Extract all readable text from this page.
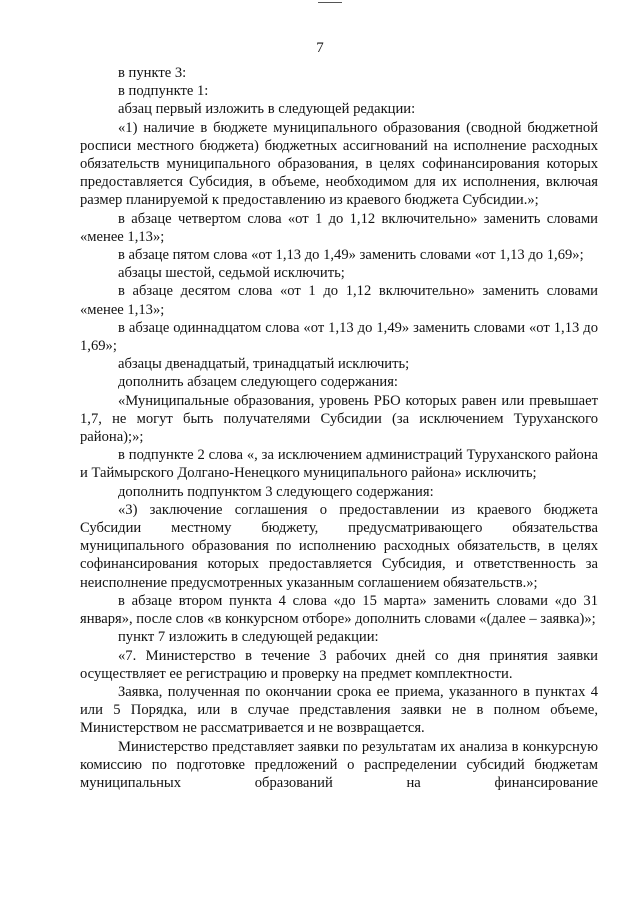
7

в пункте 3:

в подпункте 1:

абзац первый изложить в следующей редакции:

«1) наличие в бюджете муниципального образования (сводной бюджетной росписи местного бюджета) бюджетных ассигнований на исполнение расходных обязательств муниципального образования, в целях софинансирования которых предоставляется Субсидия, в объеме, необходимом для их исполнения, включая размер планируемой к предоставлению из краевого бюджета Субсидии.»;

в абзаце четвертом слова «от 1 до 1,12 включительно» заменить словами «менее 1,13»;

в абзаце пятом слова «от 1,13 до 1,49» заменить словами «от 1,13 до 1,69»;

абзацы шестой, седьмой исключить;

в абзаце десятом слова «от 1 до 1,12 включительно» заменить словами «менее 1,13»;

в абзаце одиннадцатом слова «от 1,13 до 1,49» заменить словами «от 1,13 до 1,69»;

абзацы двенадцатый, тринадцатый исключить;

дополнить абзацем следующего содержания:

«Муниципальные образования, уровень РБО которых равен или превышает 1,7, не могут быть получателями Субсидии (за исключением Туруханского района);»;

в подпункте 2 слова «, за исключением администраций Туруханского района и Таймырского Долгано-Ненецкого муниципального района» исключить;

дополнить подпунктом 3 следующего содержания:

«3) заключение соглашения о предоставлении из краевого бюджета Субсидии местному бюджету, предусматривающего обязательства муниципального образования по исполнению расходных обязательств, в целях софинансирования которых предоставляется Субсидия, и ответственность за неисполнение предусмотренных указанным соглашением обязательств.»;

в абзаце втором пункта 4 слова «до 15 марта» заменить словами «до 31 января», после слов «в конкурсном отборе» дополнить словами «(далее – заявка)»;

пункт 7 изложить в следующей редакции:

«7. Министерство в течение 3 рабочих дней со дня принятия заявки осуществляет ее регистрацию и проверку на предмет комплектности.

Заявка, полученная по окончании срока ее приема, указанного в пунктах 4 или 5 Порядка, или в случае представления заявки не в полном объеме, Министерством не рассматривается и не возвращается.

Министерство представляет заявки по результатам их анализа в конкурсную комиссию по подготовке предложений о распределении субсидий бюджетам муниципальных образований на финансирование
